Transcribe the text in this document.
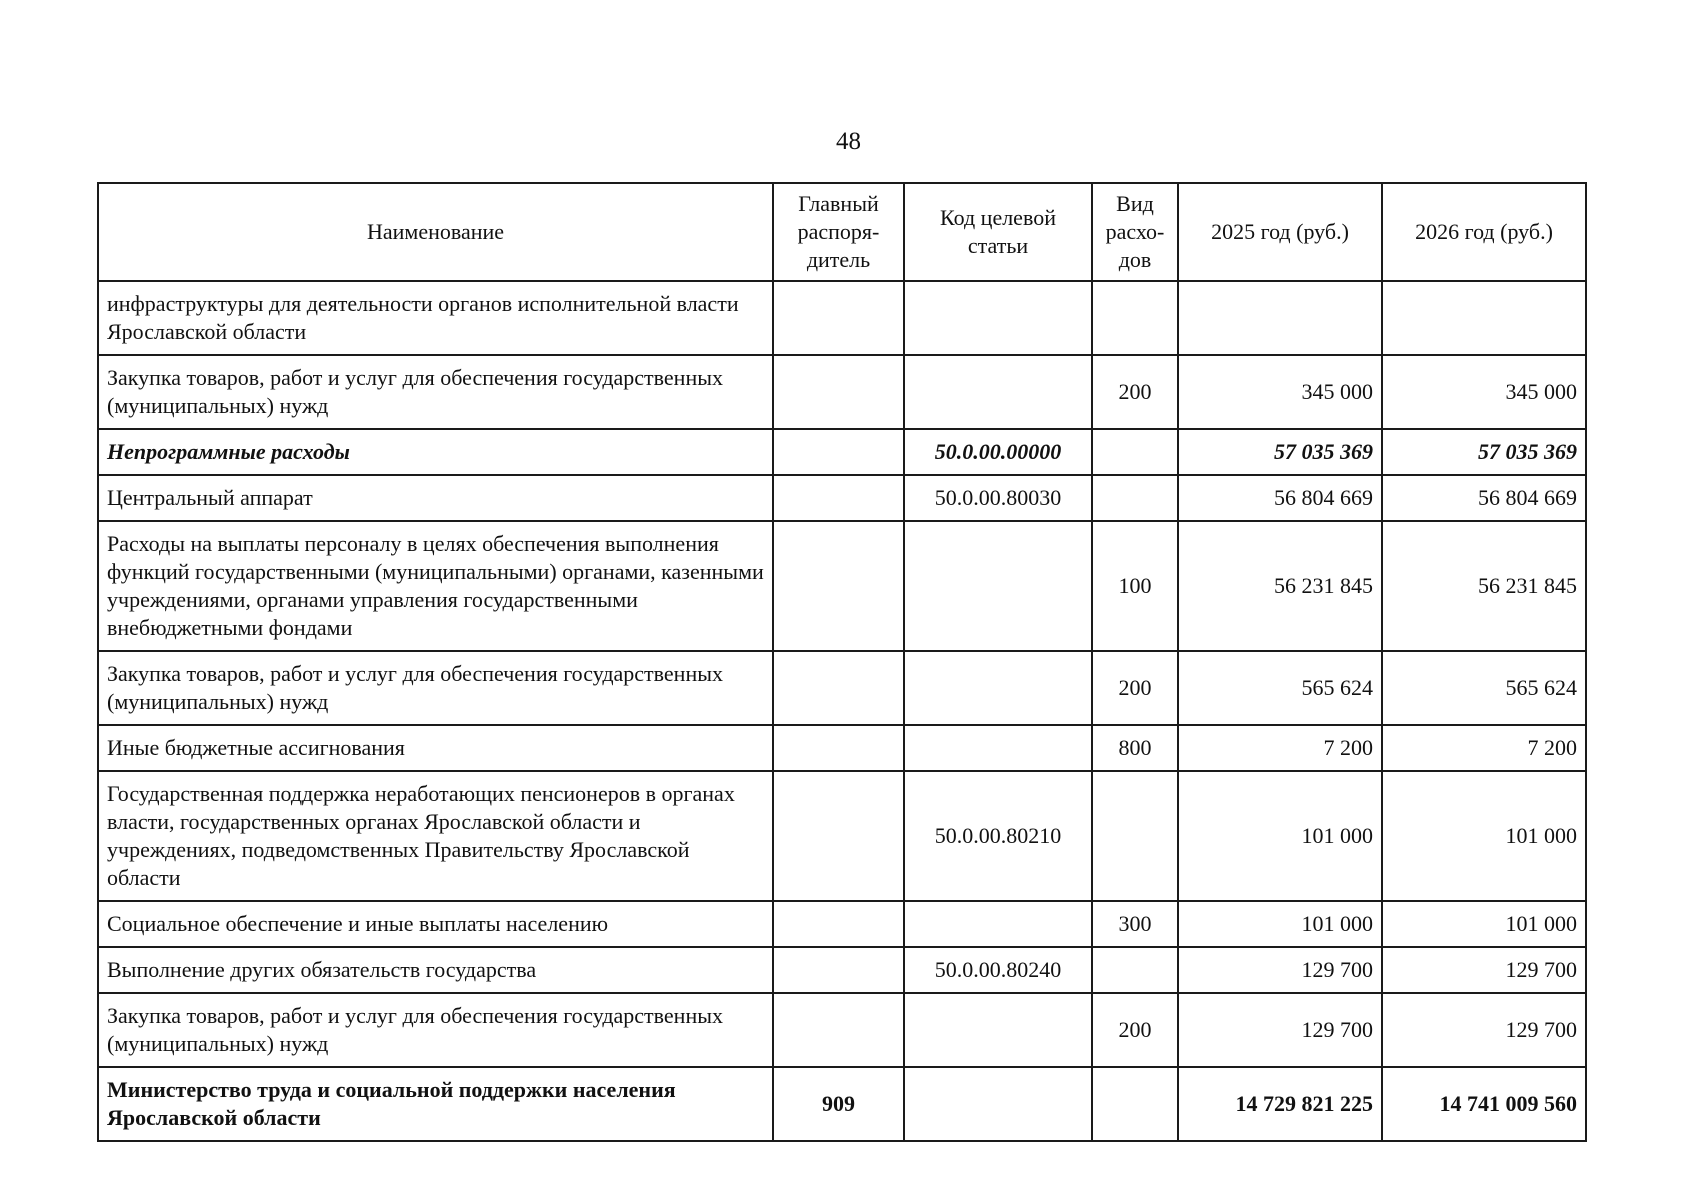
48
Наименование	Главный распоря-дитель	Код целевой статьи	Вид расхо-дов	2025 год (руб.)	2026 год (руб.)
инфраструктуры для деятельности органов исполнительной власти Ярославской области					
Закупка товаров, работ и услуг для обеспечения государственных (муниципальных) нужд			200	345 000	345 000
Непрограммные расходы		50.0.00.00000		57 035 369	57 035 369
Центральный аппарат		50.0.00.80030		56 804 669	56 804 669
Расходы на выплаты персоналу в целях обеспечения выполнения функций государственными (муниципальными) органами, казенными учреждениями, органами управления государственными внебюджетными фондами			100	56 231 845	56 231 845
Закупка товаров, работ и услуг для обеспечения государственных (муниципальных) нужд			200	565 624	565 624
Иные бюджетные ассигнования			800	7 200	7 200
Государственная поддержка неработающих пенсионеров в органах власти, государственных органах Ярославской области и учреждениях, подведомственных Правительству Ярославской области		50.0.00.80210		101 000	101 000
Социальное обеспечение и иные выплаты населению			300	101 000	101 000
Выполнение других обязательств государства		50.0.00.80240		129 700	129 700
Закупка товаров, работ и услуг для обеспечения государственных (муниципальных) нужд			200	129 700	129 700
Министерство труда и социальной поддержки населения Ярославской области	909			14 729 821 225	14 741 009 560
